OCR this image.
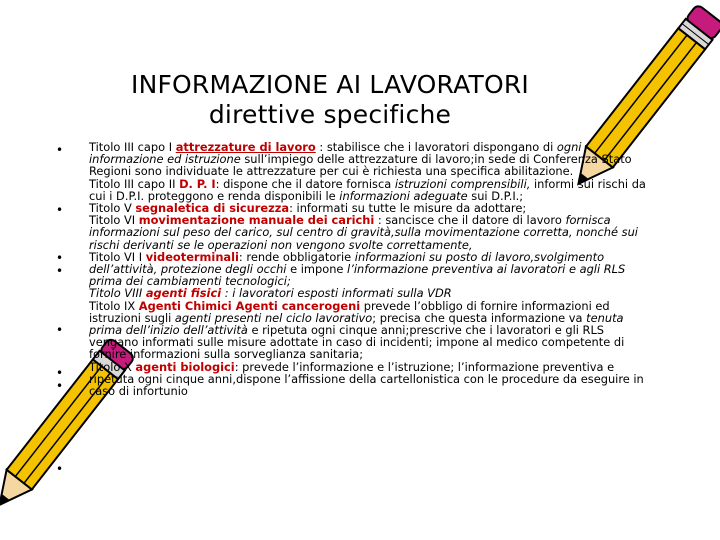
INFORMAZIONE AI LAVORATORI
direttive specifiche
•
•
•
•
•
•
•
•

Titolo III capo I attrezzature di lavoro : stabilisce che i lavoratori dispongano di ogni informazione ed istruzione sull’impiego delle attrezzature di lavoro;in sede di Conferenza Stato Regioni sono individuate le attrezzature per cui è richiesta una specifica abilitazione.

Titolo III capo II D. P. I: dispone che il datore fornisca istruzioni comprensibili, informi sui rischi da cui i D.P.I. proteggono e renda disponibili le informazioni adeguate sui D.P.I.;

Titolo V segnaletica di sicurezza: informati su tutte le misure da adottare;

Titolo VI movimentazione manuale dei carichi : sancisce che il datore di lavoro fornisca informazioni sul peso del carico, sul centro di gravità,sulla movimentazione corretta, nonché sui rischi derivanti se le operazioni non vengono svolte correttamente,

Titolo VI I videoterminali: rende obbligatorie informazioni su posto di lavoro,svolgimento dell’attività, protezione degli occhi e impone l’informazione preventiva ai lavoratori e agli RLS prima dei cambiamenti tecnologici;

Titolo VIII agenti fisici : i lavoratori esposti informati sulla VDR

Titolo IX Agenti Chimici Agenti cancerogeni prevede l’obbligo di fornire informazioni ed istruzioni sugli agenti presenti nel ciclo lavorativo; precisa che questa informazione va tenuta prima dell’inizio dell’attività e ripetuta ogni cinque anni;prescrive che i lavoratori e gli RLS vengano informati sulle misure adottate in caso di incidenti; impone al medico competente di fornire informazioni sulla sorveglianza sanitaria;

Titolo X agenti biologici: prevede l’informazione e l’istruzione; l’informazione preventiva e ripetuta ogni cinque anni,dispone l’affissione della cartellonistica con le procedure da eseguire in caso di infortunio
